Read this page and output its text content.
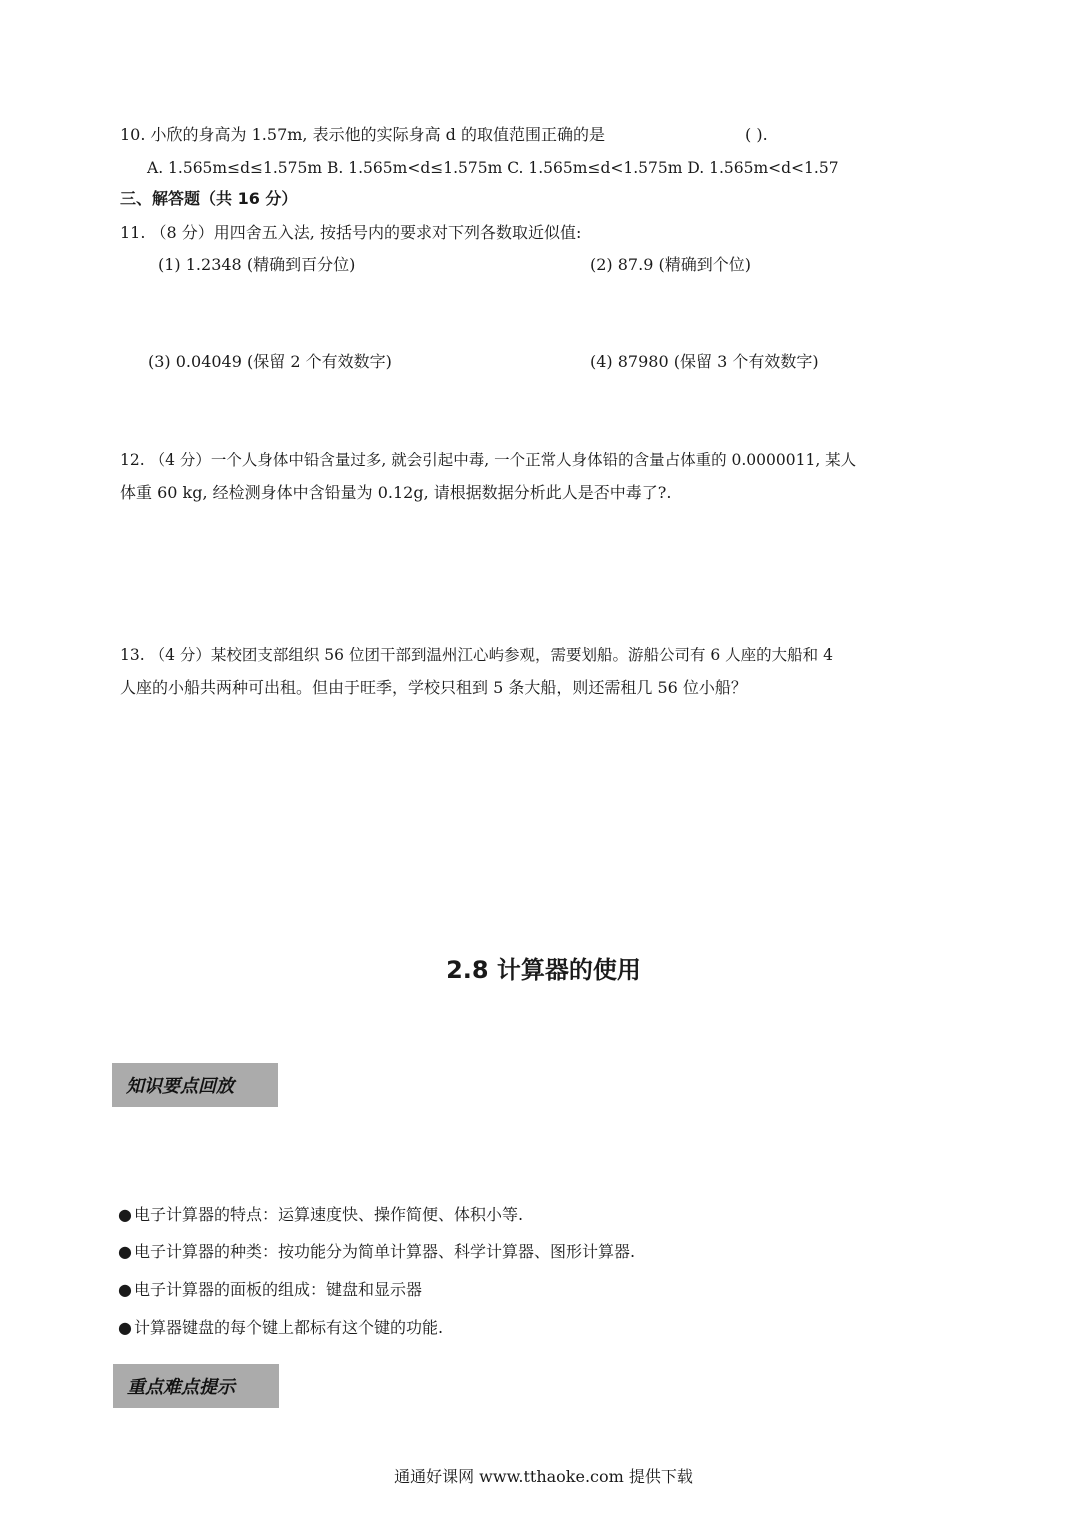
10. 小欣的身高为 1.57m, 表示他的实际身高 d 的取值范围正确的是	( ).
A. 1.565m≤d≤1.575m B. 1.565m<d≤1.575m C. 1.565m≤d<1.575m D. 1.565m<d<1.57
三、解答题（共 16 分）
11. （8 分）用四舍五入法, 按括号内的要求对下列各数取近似值:
(1) 1.2348 (精确到百分位)	(2) 87.9 (精确到个位)
(3) 0.04049 (保留 2 个有效数字)	(4) 87980 (保留 3 个有效数字)
12. （4 分）一个人身体中铅含量过多, 就会引起中毒, 一个正常人身体铅的含量占体重的 0.0000011, 某人
体重 60 kg, 经检测身体中含铅量为 0.12g, 请根据数据分析此人是否中毒了?.
13. （4 分）某校团支部组织 56 位团干部到温州江心屿参观，需要划船。游船公司有 6 人座的大船和 4
人座的小船共两种可出租。但由于旺季，学校只租到 5 条大船，则还需租几 56 位小船？
2.8 计算器的使用
知识要点回放
● 电子计算器的特点：运算速度快、操作简便、体积小等.
● 电子计算器的种类：按功能分为简单计算器、科学计算器、图形计算器.
● 电子计算器的面板的组成：键盘和显示器
● 计算器键盘的每个键上都标有这个键的功能.
重点难点提示
通通好课网 www.tthaoke.com 提供下载
